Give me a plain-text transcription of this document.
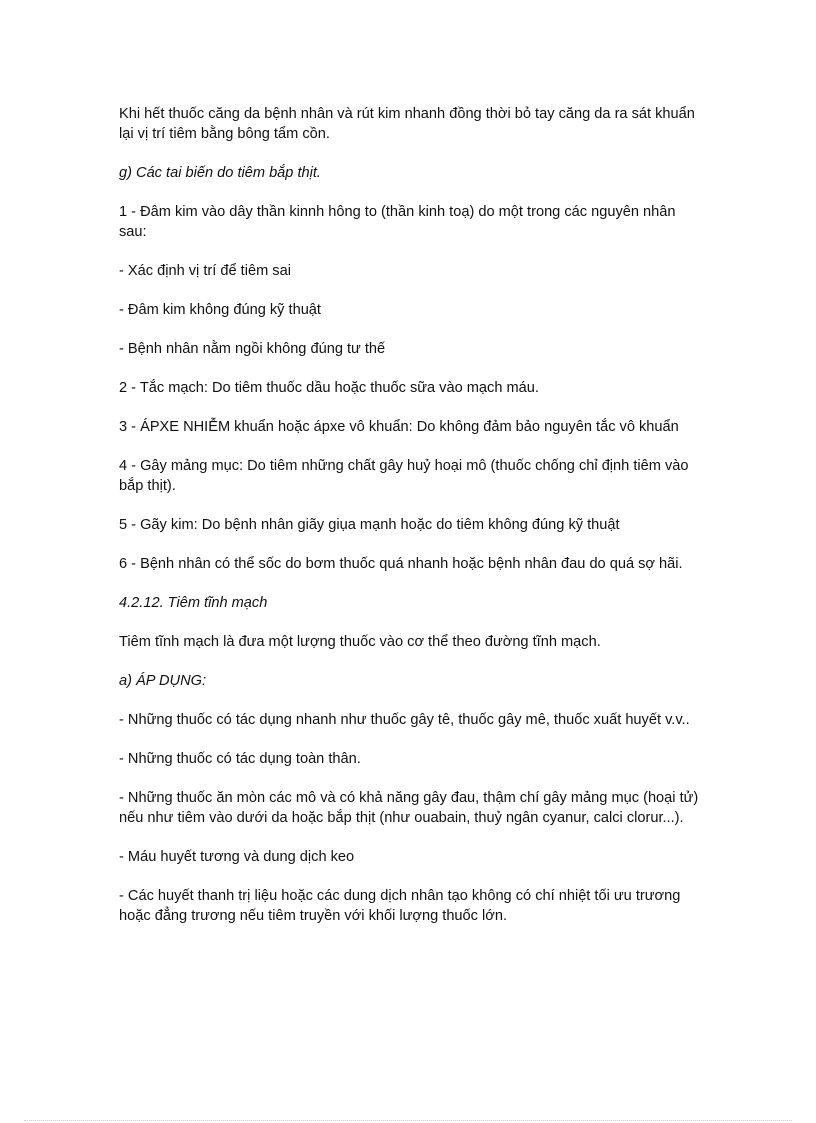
Khi hết thuốc căng da bệnh nhân và rút kim nhanh đồng thời bỏ tay căng da ra sát khuẩn lại vị trí tiêm bằng bông tẩm cồn.

g) Các tai biến do tiêm bắp thịt.

1 - Đâm kim vào dây thần kinnh hông to (thần kinh toạ) do một trong các nguyên nhân sau:

- Xác định vị trí để tiêm sai

- Đâm kim không đúng kỹ thuật

- Bệnh nhân nằm ngồi không đúng tư thế

2 - Tắc mạch: Do tiêm thuốc dầu hoặc thuốc sữa vào mạch máu.

3 - ÁPXE NHIỄM khuẩn hoặc ápxe vô khuẩn: Do không đảm bảo nguyên tắc vô khuẩn

4 - Gây mảng mục: Do tiêm những chất gây huỷ hoại mô (thuốc chống chỉ định tiêm vào bắp thịt).

5 - Gãy kim: Do bệnh nhân giãy giụa mạnh hoặc do tiêm không đúng kỹ thuật

6 - Bệnh nhân có thể sốc do bơm thuốc quá nhanh hoặc bệnh nhân đau do quá sợ hãi.

4.2.12. Tiêm tĩnh mạch

Tiêm tĩnh mạch là đưa một lượng thuốc vào cơ thể theo đường tĩnh mạch.

a) ÁP DỤNG:

- Những thuốc có tác dụng nhanh như thuốc gây tê, thuốc gây mê, thuốc xuất huyết v.v..

- Những thuốc có tác dụng toàn thân.

- Những thuốc ăn mòn các mô và có khả năng gây đau, thậm chí gây mảng mục (hoại tử) nếu như tiêm vào dưới da hoặc bắp thịt (như ouabain, thuỷ ngân cyanur, calci clorur...).

- Máu huyết tương và dung dịch keo

- Các huyết thanh trị liệu hoặc các dung dịch nhân tạo không có chí nhiệt tối ưu trương hoặc đẳng trương nếu tiêm truyền với khối lượng thuốc lớn.
